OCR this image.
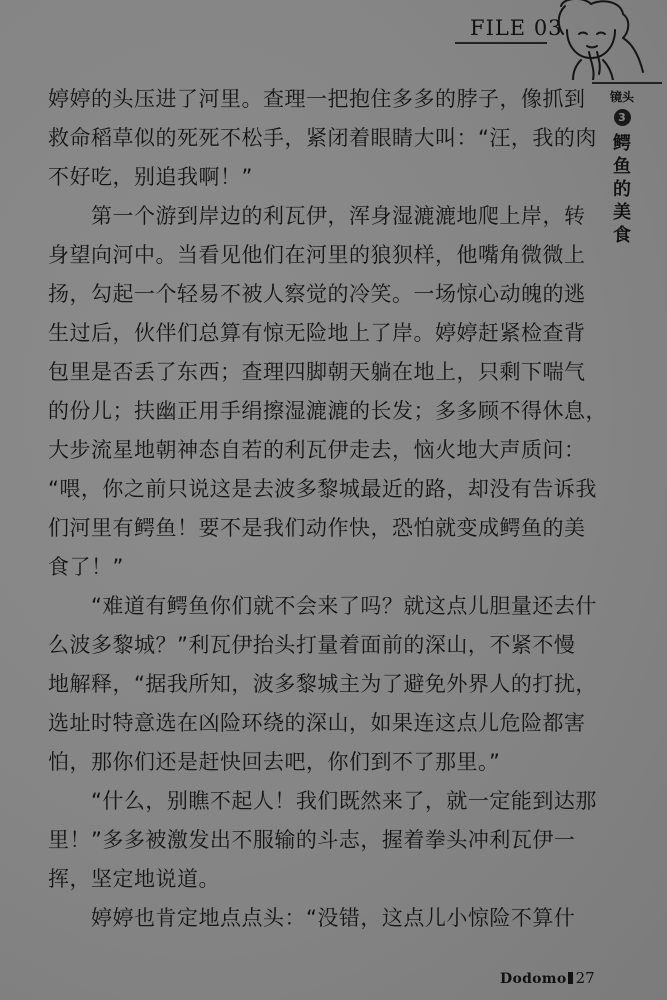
FILE 03
镜头
3
鳄鱼的美食
婷婷的头压进了河里。查理一把抱住多多的脖子，像抓到
救命稻草似的死死不松手，紧闭着眼睛大叫：“汪，我的肉
不好吃，别追我啊！”
　　第一个游到岸边的利瓦伊，浑身湿漉漉地爬上岸，转
身望向河中。当看见他们在河里的狼狈样，他嘴角微微上
扬，勾起一个轻易不被人察觉的冷笑。一场惊心动魄的逃
生过后，伙伴们总算有惊无险地上了岸。婷婷赶紧检查背
包里是否丢了东西；查理四脚朝天躺在地上，只剩下喘气
的份儿；扶幽正用手绢擦湿漉漉的长发；多多顾不得休息，
大步流星地朝神态自若的利瓦伊走去，恼火地大声质问：
“喂，你之前只说这是去波多黎城最近的路，却没有告诉我
们河里有鳄鱼！要不是我们动作快，恐怕就变成鳄鱼的美
食了！”
　　“难道有鳄鱼你们就不会来了吗？就这点儿胆量还去什
么波多黎城？”利瓦伊抬头打量着面前的深山，不紧不慢
地解释，“据我所知，波多黎城主为了避免外界人的打扰，
选址时特意选在凶险环绕的深山，如果连这点儿危险都害
怕，那你们还是赶快回去吧，你们到不了那里。”
　　“什么，别瞧不起人！我们既然来了，就一定能到达那
里！”多多被激发出不服输的斗志，握着拳头冲利瓦伊一
挥，坚定地说道。
　　婷婷也肯定地点点头：“没错，这点儿小惊险不算什
Dodomo 27
